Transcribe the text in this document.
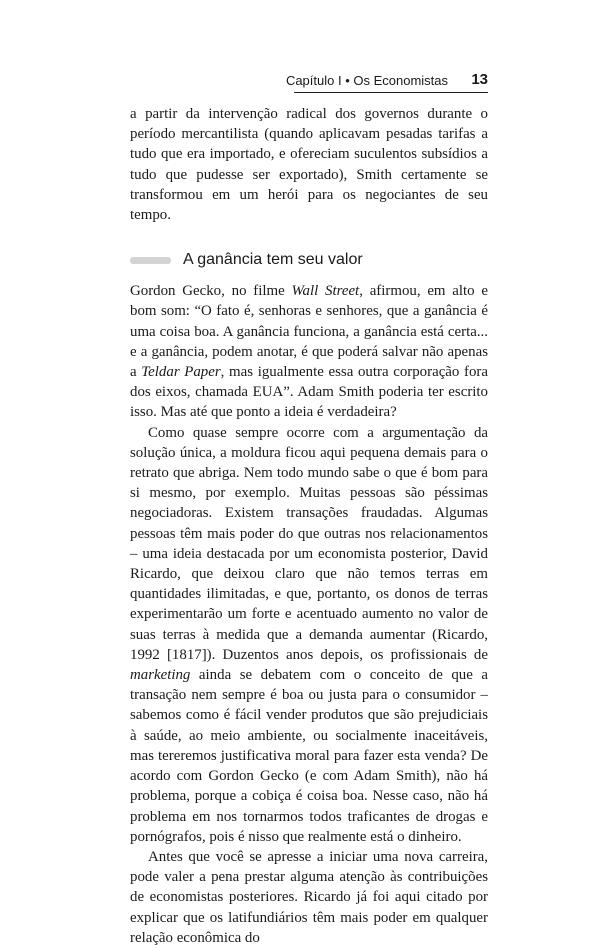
Capítulo I • Os Economistas 13

a partir da intervenção radical dos governos durante o período mercantilista (quando aplicavam pesadas tarifas a tudo que era importado, e ofereciam suculentos subsídios a tudo que pudesse ser exportado), Smith certamente se transformou em um herói para os negociantes de seu tempo.

A ganância tem seu valor

Gordon Gecko, no filme Wall Street, afirmou, em alto e bom som: “O fato é, senhoras e senhores, que a ganância é uma coisa boa. A ganância funciona, a ganância está certa... e a ganância, podem anotar, é que poderá salvar não apenas a Teldar Paper, mas igualmente essa outra corporação fora dos eixos, chamada EUA”. Adam Smith poderia ter escrito isso. Mas até que ponto a ideia é verdadeira?

Como quase sempre ocorre com a argumentação da solução única, a moldura ficou aqui pequena demais para o retrato que abriga. Nem todo mundo sabe o que é bom para si mesmo, por exemplo. Muitas pessoas são péssimas negociadoras. Existem transações fraudadas. Algumas pessoas têm mais poder do que outras nos relacionamentos – uma ideia destacada por um economista posterior, David Ricardo, que deixou claro que não temos terras em quantidades ilimitadas, e que, portanto, os donos de terras experimentarão um forte e acentuado aumento no valor de suas terras à medida que a demanda aumentar (Ricardo, 1992 [1817]). Duzentos anos depois, os profissionais de marketing ainda se debatem com o conceito de que a transação nem sempre é boa ou justa para o consumidor – sabemos como é fácil vender produtos que são prejudiciais à saúde, ao meio ambiente, ou socialmente inaceitáveis, mas tereremos justificativa moral para fazer esta venda? De acordo com Gordon Gecko (e com Adam Smith), não há problema, porque a cobiça é coisa boa. Nesse caso, não há problema em nos tornarmos todos traficantes de drogas e pornógrafos, pois é nisso que realmente está o dinheiro.

Antes que você se apresse a iniciar uma nova carreira, pode valer a pena prestar alguma atenção às contribuições de economistas posteriores. Ricardo já foi aqui citado por explicar que os latifundiários têm mais poder em qualquer relação econômica do
